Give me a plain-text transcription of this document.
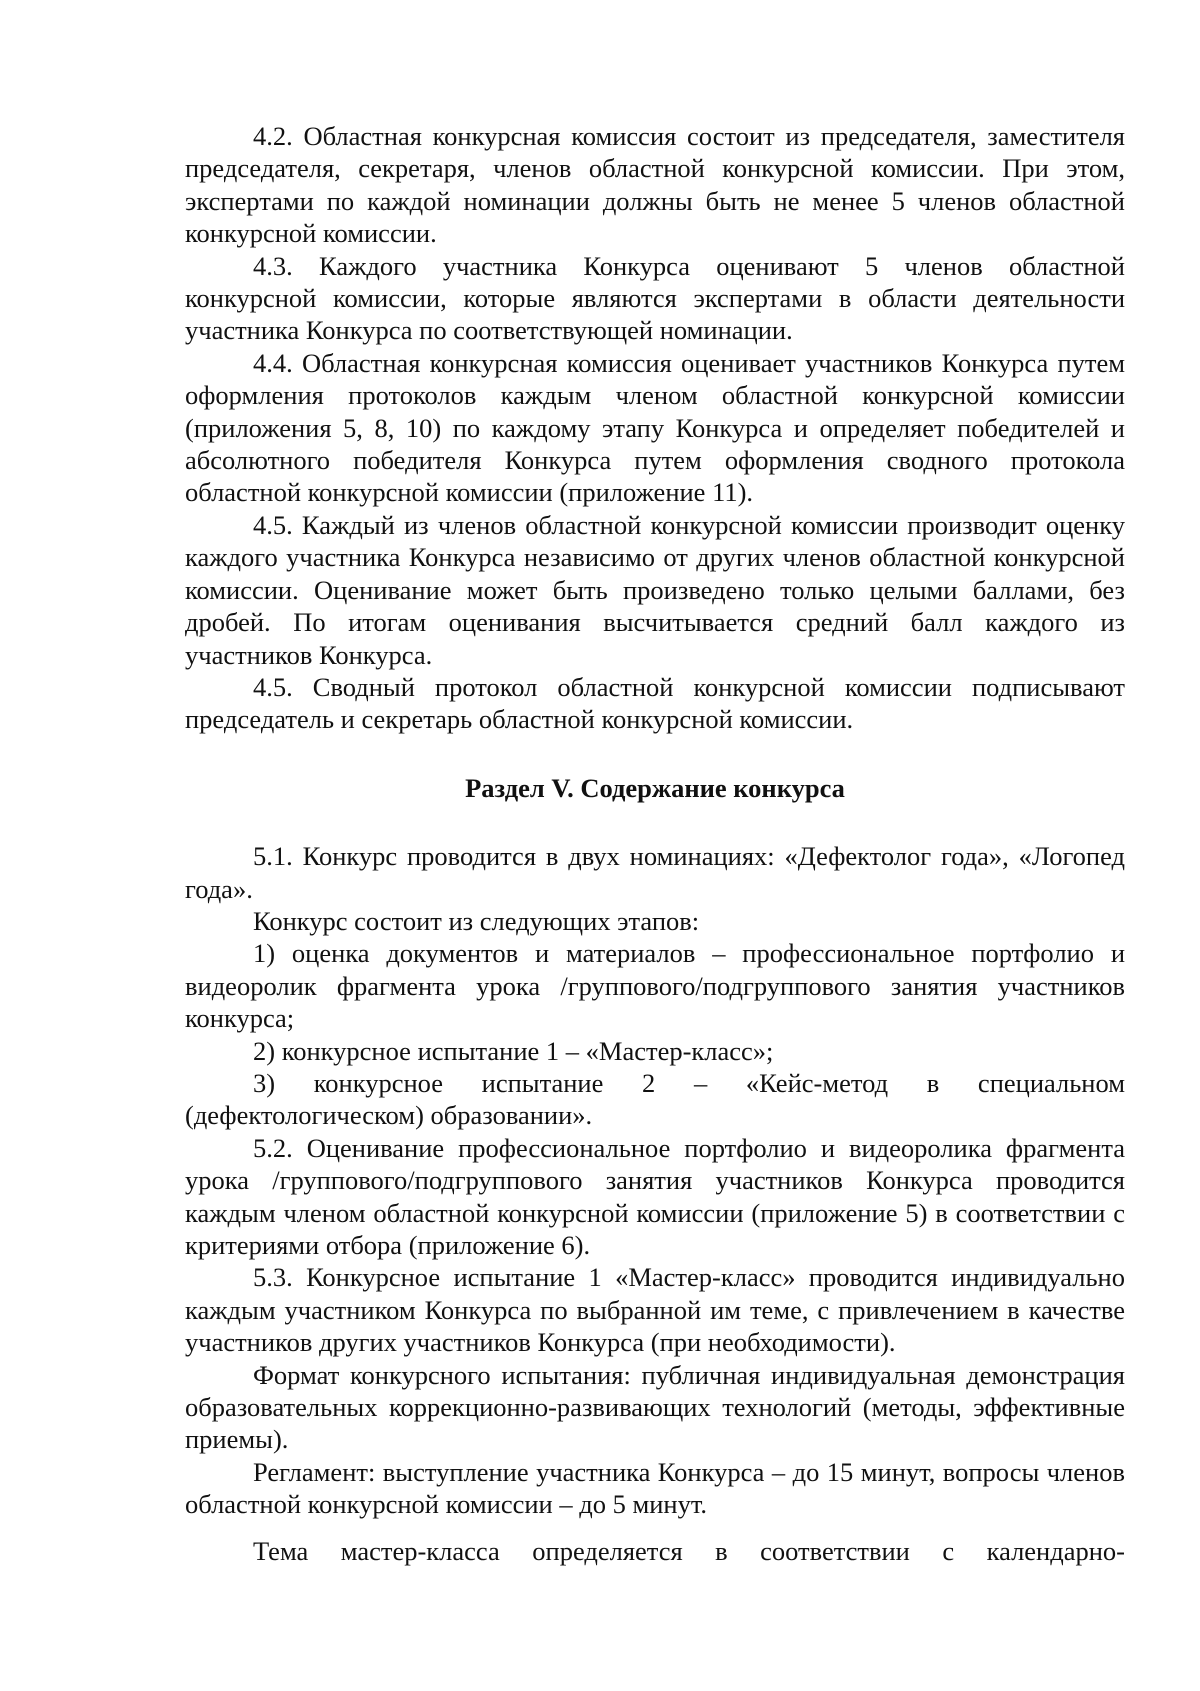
4.2. Областная конкурсная комиссия состоит из председателя, заместителя председателя, секретаря, членов областной конкурсной комиссии. При этом, экспертами по каждой номинации должны быть не менее 5 членов областной конкурсной комиссии.

4.3. Каждого участника Конкурса оценивают 5 членов областной конкурсной комиссии, которые являются экспертами в области деятельности участника Конкурса по соответствующей номинации.

4.4. Областная конкурсная комиссия оценивает участников Конкурса путем оформления протоколов каждым членом областной конкурсной комиссии (приложения 5, 8, 10) по каждому этапу Конкурса и определяет победителей и абсолютного победителя Конкурса путем оформления сводного протокола областной конкурсной комиссии (приложение 11).

4.5. Каждый из членов областной конкурсной комиссии производит оценку каждого участника Конкурса независимо от других членов областной конкурсной комиссии. Оценивание может быть произведено только целыми баллами, без дробей. По итогам оценивания высчитывается средний балл каждого из участников Конкурса.

4.5. Сводный протокол областной конкурсной комиссии подписывают председатель и секретарь областной конкурсной комиссии.

Раздел V. Содержание конкурса

5.1. Конкурс проводится в двух номинациях: «Дефектолог года», «Логопед года».

Конкурс состоит из следующих этапов:

1) оценка документов и материалов – профессиональное портфолио и видеоролик фрагмента урока /группового/подгруппового занятия участников конкурса;

2) конкурсное испытание 1 – «Мастер-класс»;

3) конкурсное испытание 2 – «Кейс-метод в специальном (дефектологическом) образовании».

5.2. Оценивание профессиональное портфолио и видеоролика фрагмента урока /группового/подгруппового занятия участников Конкурса проводится каждым членом областной конкурсной комиссии (приложение 5) в соответствии с критериями отбора (приложение 6).

5.3. Конкурсное испытание 1 «Мастер-класс» проводится индивидуально каждым участником Конкурса по выбранной им теме, с привлечением в качестве участников других участников Конкурса (при необходимости).

Формат конкурсного испытания: публичная индивидуальная демонстрация образовательных коррекционно-развивающих технологий (методы, эффективные приемы).

Регламент: выступление участника Конкурса – до 15 минут, вопросы членов областной конкурсной комиссии – до 5 минут.

Тема мастер-класса определяется в соответствии с календарно-
